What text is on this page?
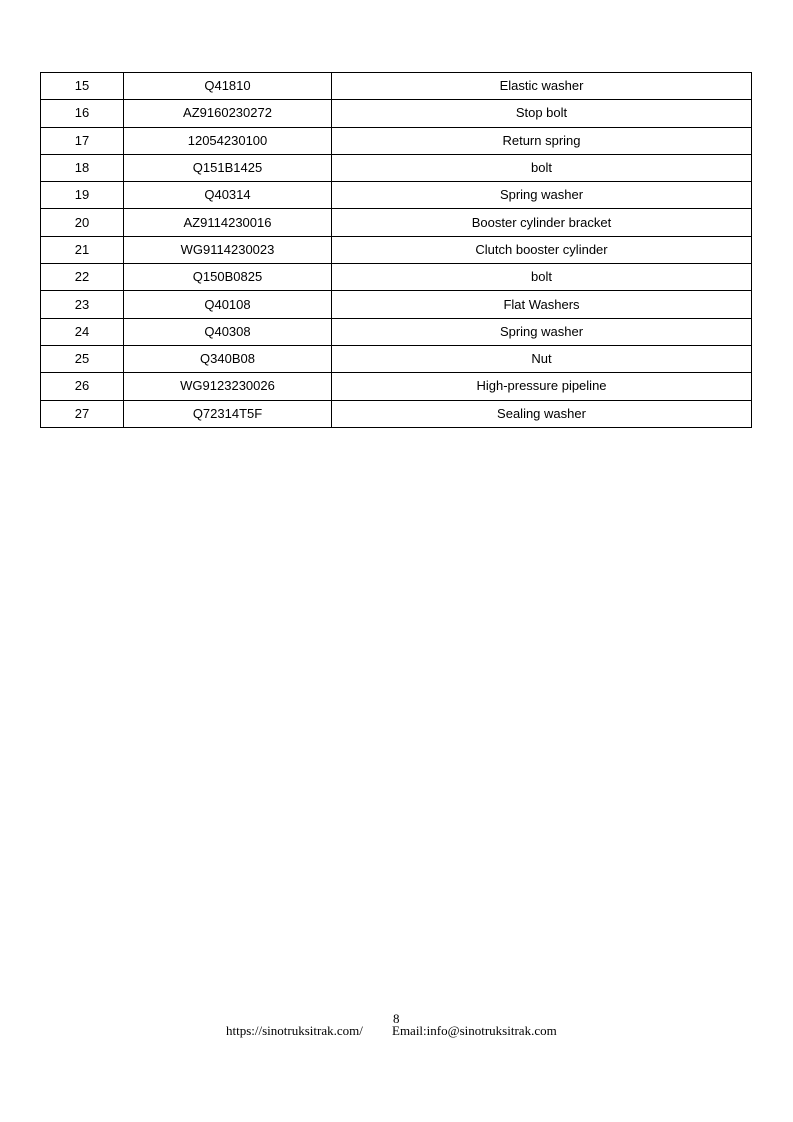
15	Q41810	Elastic washer
16	AZ9160230272	Stop bolt
17	12054230100	Return spring
18	Q151B1425	bolt
19	Q40314	Spring washer
20	AZ9114230016	Booster cylinder bracket
21	WG9114230023	Clutch booster cylinder
22	Q150B0825	bolt
23	Q40108	Flat Washers
24	Q40308	Spring washer
25	Q340B08	Nut
26	WG9123230026	High-pressure pipeline
27	Q72314T5F	Sealing washer
8
https://sinotruksitrak.com/ Email:info@sinotruksitrak.com
